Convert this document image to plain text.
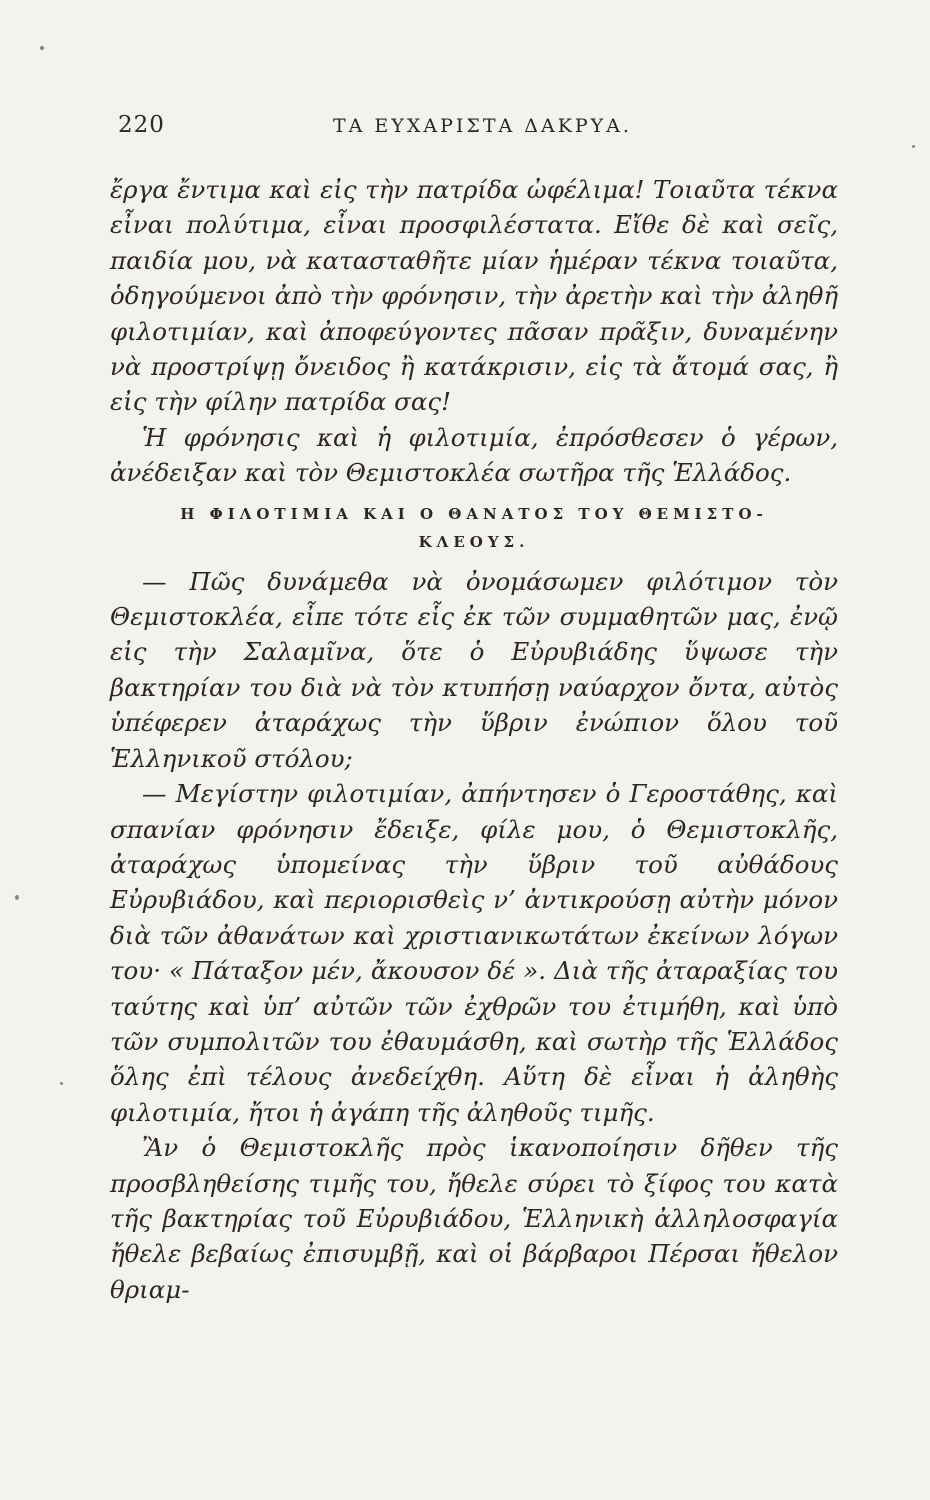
220	ΤΑ ΕΥΧΑΡΙΣΤΑ ΔΑΚΡΥΑ.

ἔργα ἔντιμα καὶ εἰς τὴν πατρίδα ὠφέλιμα! Τοιαῦτα τέκνα εἶναι πολύτιμα, εἶναι προσφιλέστατα. Εἴθε δὲ καὶ σεῖς, παιδία μου, νὰ κατασταθῆτε μίαν ἡμέραν τέκνα τοιαῦτα, ὁδηγούμενοι ἀπὸ τὴν φρόνησιν, τὴν ἀρετὴν καὶ τὴν ἀληθῆ φιλοτιμίαν, καὶ ἀποφεύγοντες πᾶσαν πρᾶξιν, δυναμένην νὰ προστρίψῃ ὄνειδος ἢ κατάκρισιν, εἰς τὰ ἄτομά σας, ἢ εἰς τὴν φίλην πατρίδα σας!

Ἡ φρόνησις καὶ ἡ φιλοτιμία, ἐπρόσθεσεν ὁ γέρων, ἀνέδειξαν καὶ τὸν Θεμιστοκλέα σωτῆρα τῆς Ἑλλάδος.

Η ΦΙΛΟΤΙΜΙΑ ΚΑΙ Ο ΘΑΝΑΤΟΣ ΤΟΥ ΘΕΜΙΣΤΟ-
ΚΛΕΟΥΣ.

— Πῶς δυνάμεθα νὰ ὀνομάσωμεν φιλότιμον τὸν Θεμιστοκλέα, εἶπε τότε εἷς ἐκ τῶν συμμαθητῶν μας, ἐνῷ εἰς τὴν Σαλαμῖνα, ὅτε ὁ Εὐρυβιάδης ὕψωσε τὴν βακτηρίαν του διὰ νὰ τὸν κτυπήσῃ ναύαρχον ὄντα, αὐτὸς ὑπέφερεν ἀταράχως τὴν ὕβριν ἐνώπιον ὅλου τοῦ Ἑλληνικοῦ στόλου;

— Μεγίστην φιλοτιμίαν, ἀπήντησεν ὁ Γεροστάθης, καὶ σπανίαν φρόνησιν ἔδειξε, φίλε μου, ὁ Θεμιστοκλῆς, ἀταράχως ὑπομείνας τὴν ὕβριν τοῦ αὐθάδους Εὐρυβιάδου, καὶ περιορισθεὶς ν’ ἀντικρούσῃ αὐτὴν μόνον διὰ τῶν ἀθανάτων καὶ χριστιανικωτάτων ἐκείνων λόγων του· « Πάταξον μέν, ἄκουσον δέ ». Διὰ τῆς ἀταραξίας του ταύτης καὶ ὑπ’ αὐτῶν τῶν ἐχθρῶν του ἐτιμήθη, καὶ ὑπὸ τῶν συμπολιτῶν του ἐθαυμάσθη, καὶ σωτὴρ τῆς Ἑλλάδος ὅλης ἐπὶ τέλους ἀνεδείχθη. Αὕτη δὲ εἶναι ἡ ἀληθὴς φιλοτιμία, ἤτοι ἡ ἀγάπη τῆς ἀληθοῦς τιμῆς.

Ἂν ὁ Θεμιστοκλῆς πρὸς ἱκανοποίησιν δῆθεν τῆς προσβληθείσης τιμῆς του, ἤθελε σύρει τὸ ξίφος του κατὰ τῆς βακτηρίας τοῦ Εὐρυβιάδου, Ἑλληνικὴ ἀλληλοσφαγία ἤθελε βεβαίως ἐπισυμβῇ, καὶ οἱ βάρβαροι Πέρσαι ἤθελον θριαμ-
